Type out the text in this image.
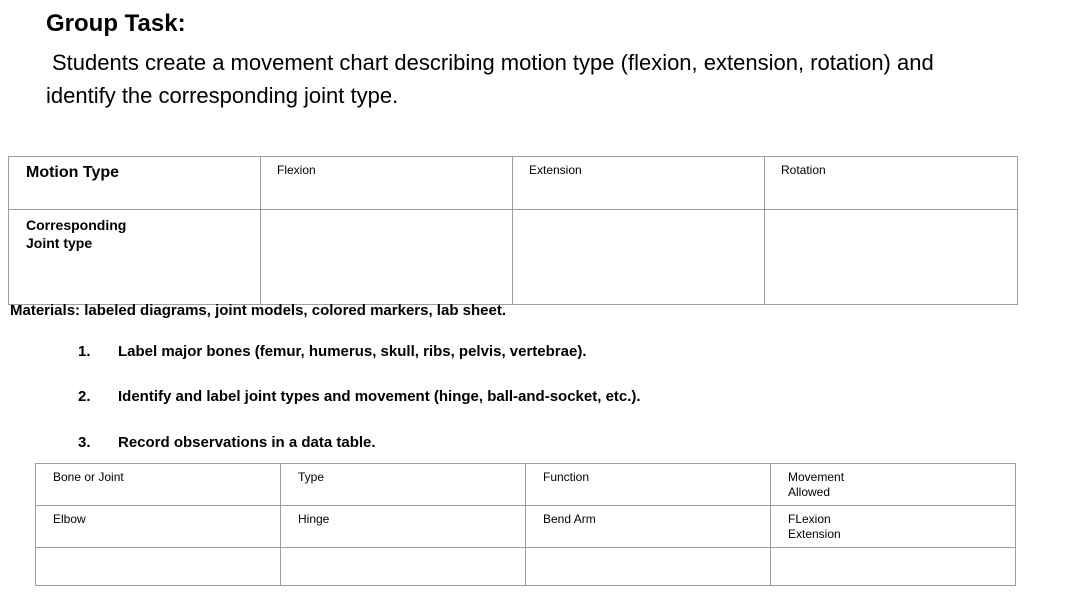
Group Task:
Students create a movement chart describing motion type (flexion, extension, rotation) and
identify the corresponding joint type.
Motion Type	Flexion	Extension	Rotation

Corresponding
Joint type			

Materials: labeled diagrams, joint models, colored markers, lab sheet.
1. Label major bones (femur, humerus, skull, ribs, pelvis, vertebrae).
2. Identify and label joint types and movement (hinge, ball-and-socket, etc.).
3. Record observations in a data table.
Bone or Joint	Type	Function	Movement
Allowed

Elbow	Hinge	Bend Arm	FLexion
Extension
